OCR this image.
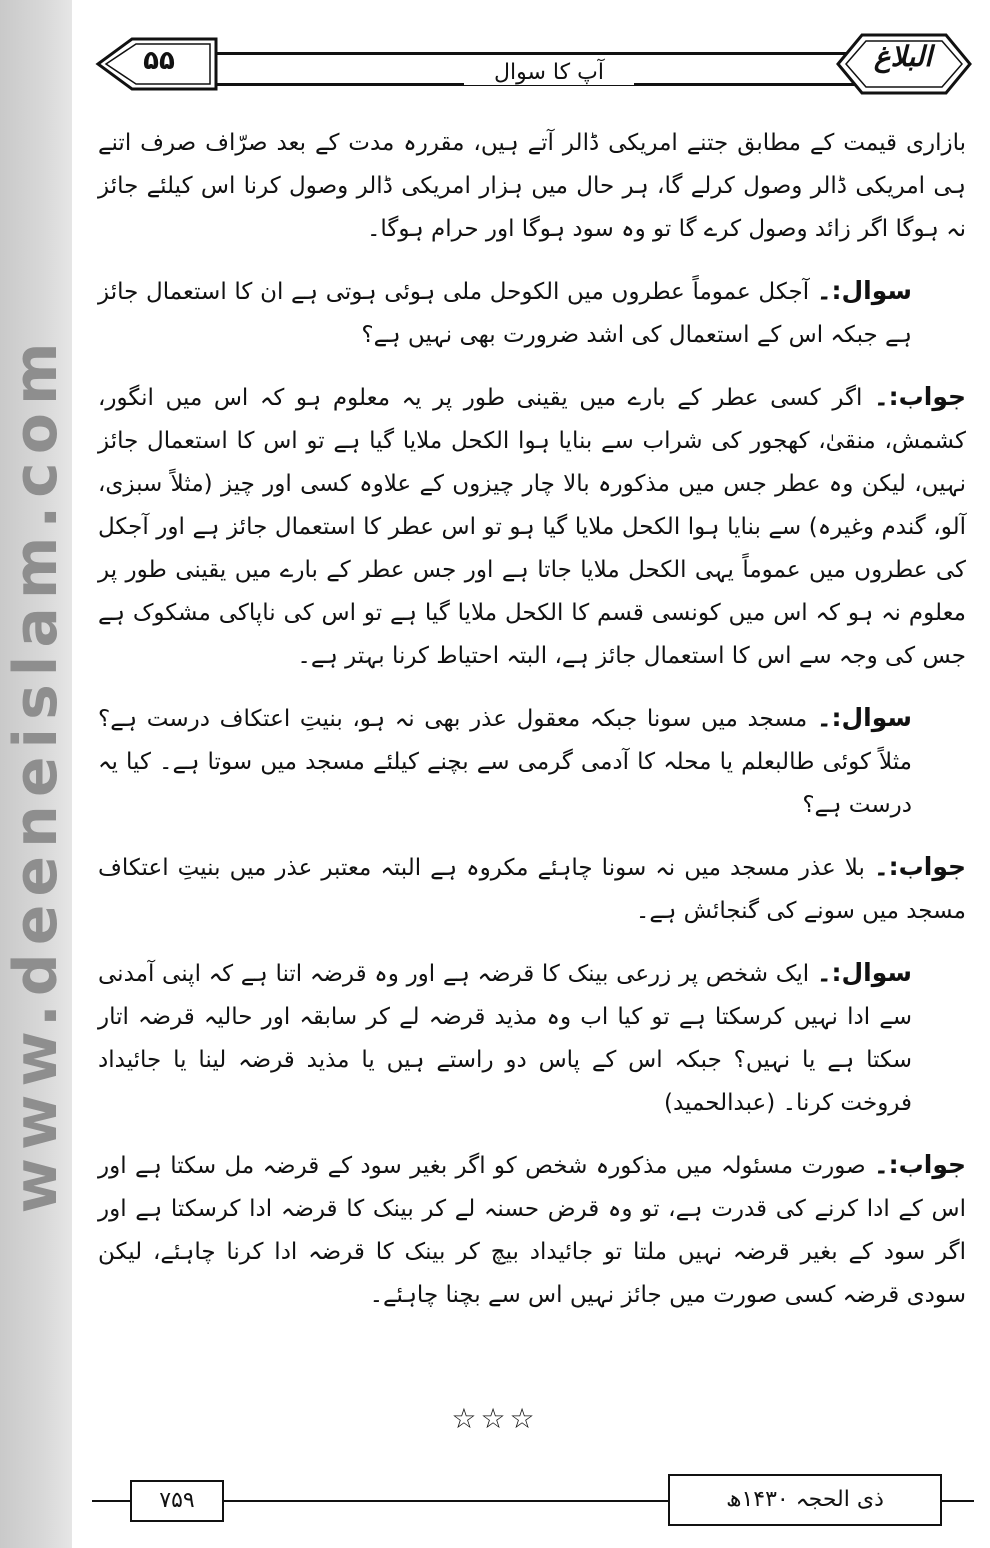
www.deeneislam.com
۵۵	آپ کا سوال	البلاغ

بازاری قیمت کے مطابق جتنے امریکی ڈالر آتے ہیں، مقررہ مدت کے بعد صرّاف صرف اتنے ہی امریکی ڈالر وصول کرلے گا، ہر حال میں ہزار امریکی ڈالر وصول کرنا اس کیلئے جائز نہ ہوگا اگر زائد وصول کرے گا تو وہ سود ہوگا اور حرام ہوگا۔

سوال:۔ آجکل عموماً عطروں میں الکوحل ملی ہوئی ہوتی ہے ان کا استعمال جائز ہے جبکہ اس کے استعمال کی اشد ضرورت بھی نہیں ہے؟

جواب:۔ اگر کسی عطر کے بارے میں یقینی طور پر یہ معلوم ہو کہ اس میں انگور، کشمش، منقیٰ، کھجور کی شراب سے بنایا ہوا الکحل ملایا گیا ہے تو اس کا استعمال جائز نہیں، لیکن وہ عطر جس میں مذکورہ بالا چار چیزوں کے علاوہ کسی اور چیز (مثلاً سبزی، آلو، گندم وغیرہ) سے بنایا ہوا الکحل ملایا گیا ہو تو اس عطر کا استعمال جائز ہے اور آجکل کی عطروں میں عموماً یہی الکحل ملایا جاتا ہے اور جس عطر کے بارے میں یقینی طور پر معلوم نہ ہو کہ اس میں کونسی قسم کا الکحل ملایا گیا ہے تو اس کی ناپاکی مشکوک ہے جس کی وجہ سے اس کا استعمال جائز ہے، البتہ احتیاط کرنا بہتر ہے۔

سوال:۔ مسجد میں سونا جبکہ معقول عذر بھی نہ ہو، بنیتِ اعتکاف درست ہے؟ مثلاً کوئی طالبعلم یا محلہ کا آدمی گرمی سے بچنے کیلئے مسجد میں سوتا ہے۔ کیا یہ درست ہے؟

جواب:۔ بلا عذر مسجد میں نہ سونا چاہئے مکروہ ہے البتہ معتبر عذر میں بنیتِ اعتکاف مسجد میں سونے کی گنجائش ہے۔

سوال:۔ ایک شخص پر زرعی بینک کا قرضہ ہے اور وہ قرضہ اتنا ہے کہ اپنی آمدنی سے ادا نہیں کرسکتا ہے تو کیا اب وہ مذید قرضہ لے کر سابقہ اور حالیہ قرضہ اتار سکتا ہے یا نہیں؟ جبکہ اس کے پاس دو راستے ہیں یا مذید قرضہ لینا یا جائیداد فروخت کرنا۔ (عبدالحمید)

جواب:۔ صورت مسئولہ میں مذکورہ شخص کو اگر بغیر سود کے قرضہ مل سکتا ہے اور اس کے ادا کرنے کی قدرت ہے، تو وہ قرض حسنہ لے کر بینک کا قرضہ ادا کرسکتا ہے اور اگر سود کے بغیر قرضہ نہیں ملتا تو جائیداد بیچ کر بینک کا قرضہ ادا کرنا چاہئے، لیکن سودی قرضہ کسی صورت میں جائز نہیں اس سے بچنا چاہئے۔

☆☆☆
۷۵۹	ذی الحجہ ۱۴۳۰ھ
